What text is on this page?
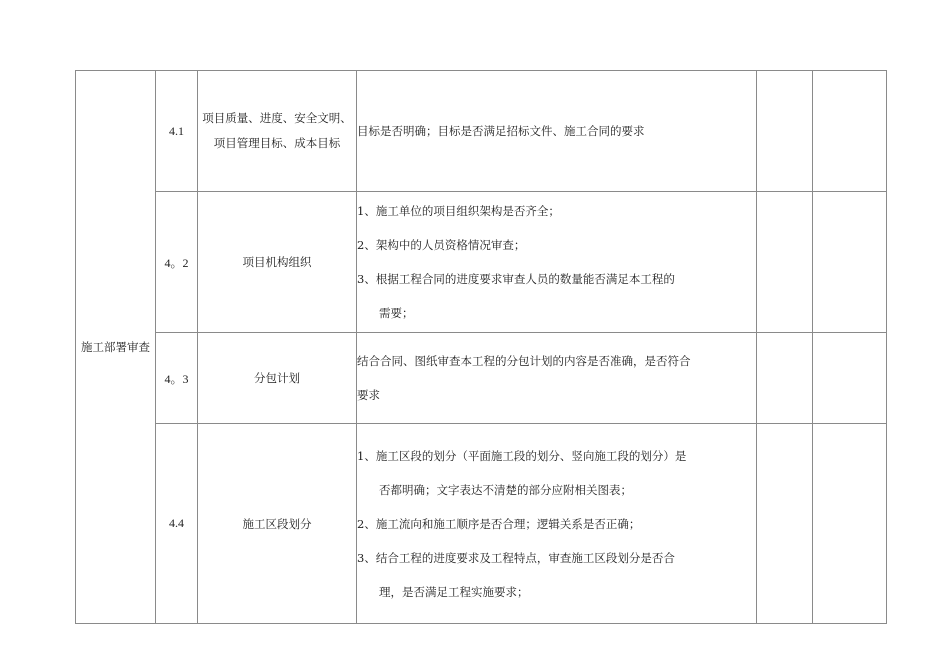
施工部署审查	4.1	项目质量、进度、安全文明、
项目管理目标、成本目标	目标是否明确；目标是否满足招标文件、施工合同的要求		

	4。2	项目机构组织	1、施工单位的项目组织架构是否齐全；
2、架构中的人员资格情况审查；
3、根据工程合同的进度要求审查人员的数量能否满足本工程的
需要；		

	4。3	分包计划	结合合同、图纸审查本工程的分包计划的内容是否准确，是否符合
要求		

	4.4	施工区段划分	1、施工区段的划分（平面施工段的划分、竖向施工段的划分）是
否都明确；文字表达不清楚的部分应附相关图表；
2、施工流向和施工顺序是否合理；逻辑关系是否正确；
3、结合工程的进度要求及工程特点，审查施工区段划分是否合
理，是否满足工程实施要求；		
